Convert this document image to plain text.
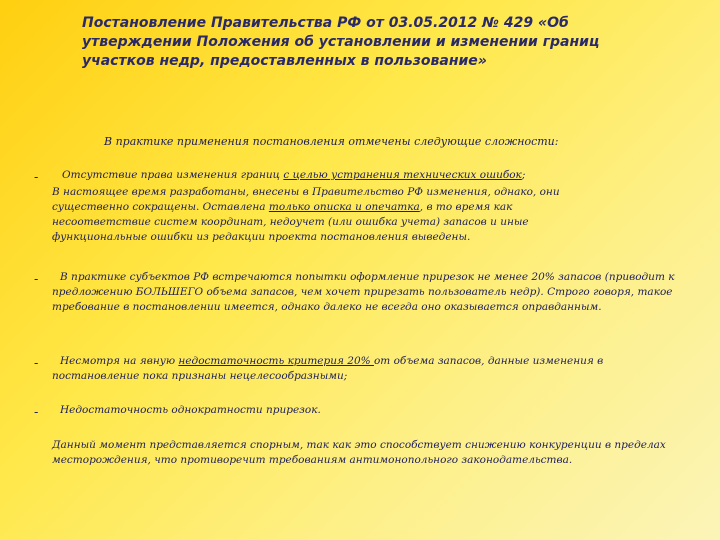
Постановление Правительства РФ от 03.05.2012 № 429 «Об утверждении Положения об установлении и изменении границ участков недр, предоставленных в пользование»
В практике применения постановления отмечены следующие сложности:
- Отсутствие права изменения границ с целью устранения технических ошибок;
В настоящее время разработаны, внесены в Правительство РФ изменения, однако, они существенно сокращены. Оставлена только описка и опечатка, в то время как несоответствие систем координат, недоучет (или ошибка учета) запасов и иные функциональные ошибки из редакции проекта постановления выведены.
-	В практике субъектов РФ встречаются попытки оформление прирезок не менее 20% запасов (приводит к предложению БОЛЬШЕГО объема запасов, чем хочет прирезать пользователь недр). Строго говоря, такое требование в постановлении имеется, однако далеко не всегда оно оказывается оправданным.
-	Несмотря на явную недостаточность критерия 20% от объема запасов, данные изменения в постановление пока признаны нецелесообразными;
- Недостаточность однократности прирезок.
Данный момент представляется спорным, так как это способствует снижению конкуренции в пределах месторождения, что противоречит требованиям антимонопольного законодательства.
